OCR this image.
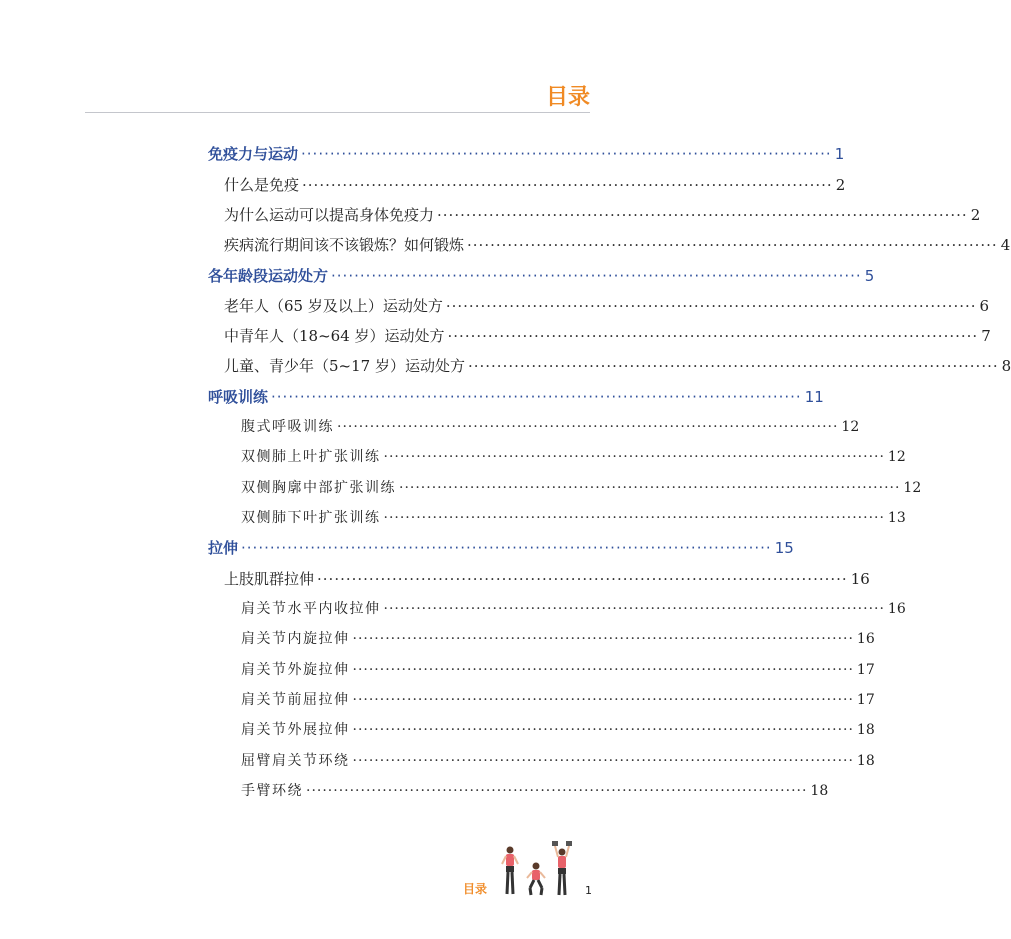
目录
免疫力与运动 ···························································································· 1
什么是免疫 ···························································································· 2
为什么运动可以提高身体免疫力 ···························································································· 2
疾病流行期间该不该锻炼？如何锻炼 ···························································································· 4
各年龄段运动处方 ···························································································· 5
老年人（65 岁及以上）运动处方 ···························································································· 6
中青年人（18~64 岁）运动处方 ···························································································· 7
儿童、青少年（5~17 岁）运动处方 ···························································································· 8
呼吸训练 ···························································································· 11
腹式呼吸训练 ···························································································· 12
双侧肺上叶扩张训练 ···························································································· 12
双侧胸廓中部扩张训练 ···························································································· 12
双侧肺下叶扩张训练 ···························································································· 13
拉伸 ···························································································· 15
上肢肌群拉伸 ···························································································· 16
肩关节水平内收拉伸 ···························································································· 16
肩关节内旋拉伸 ···························································································· 16
肩关节外旋拉伸 ···························································································· 17
肩关节前屈拉伸 ···························································································· 17
肩关节外展拉伸 ···························································································· 18
屈臂肩关节环绕 ···························································································· 18
手臂环绕 ···························································································· 18
目录	1
